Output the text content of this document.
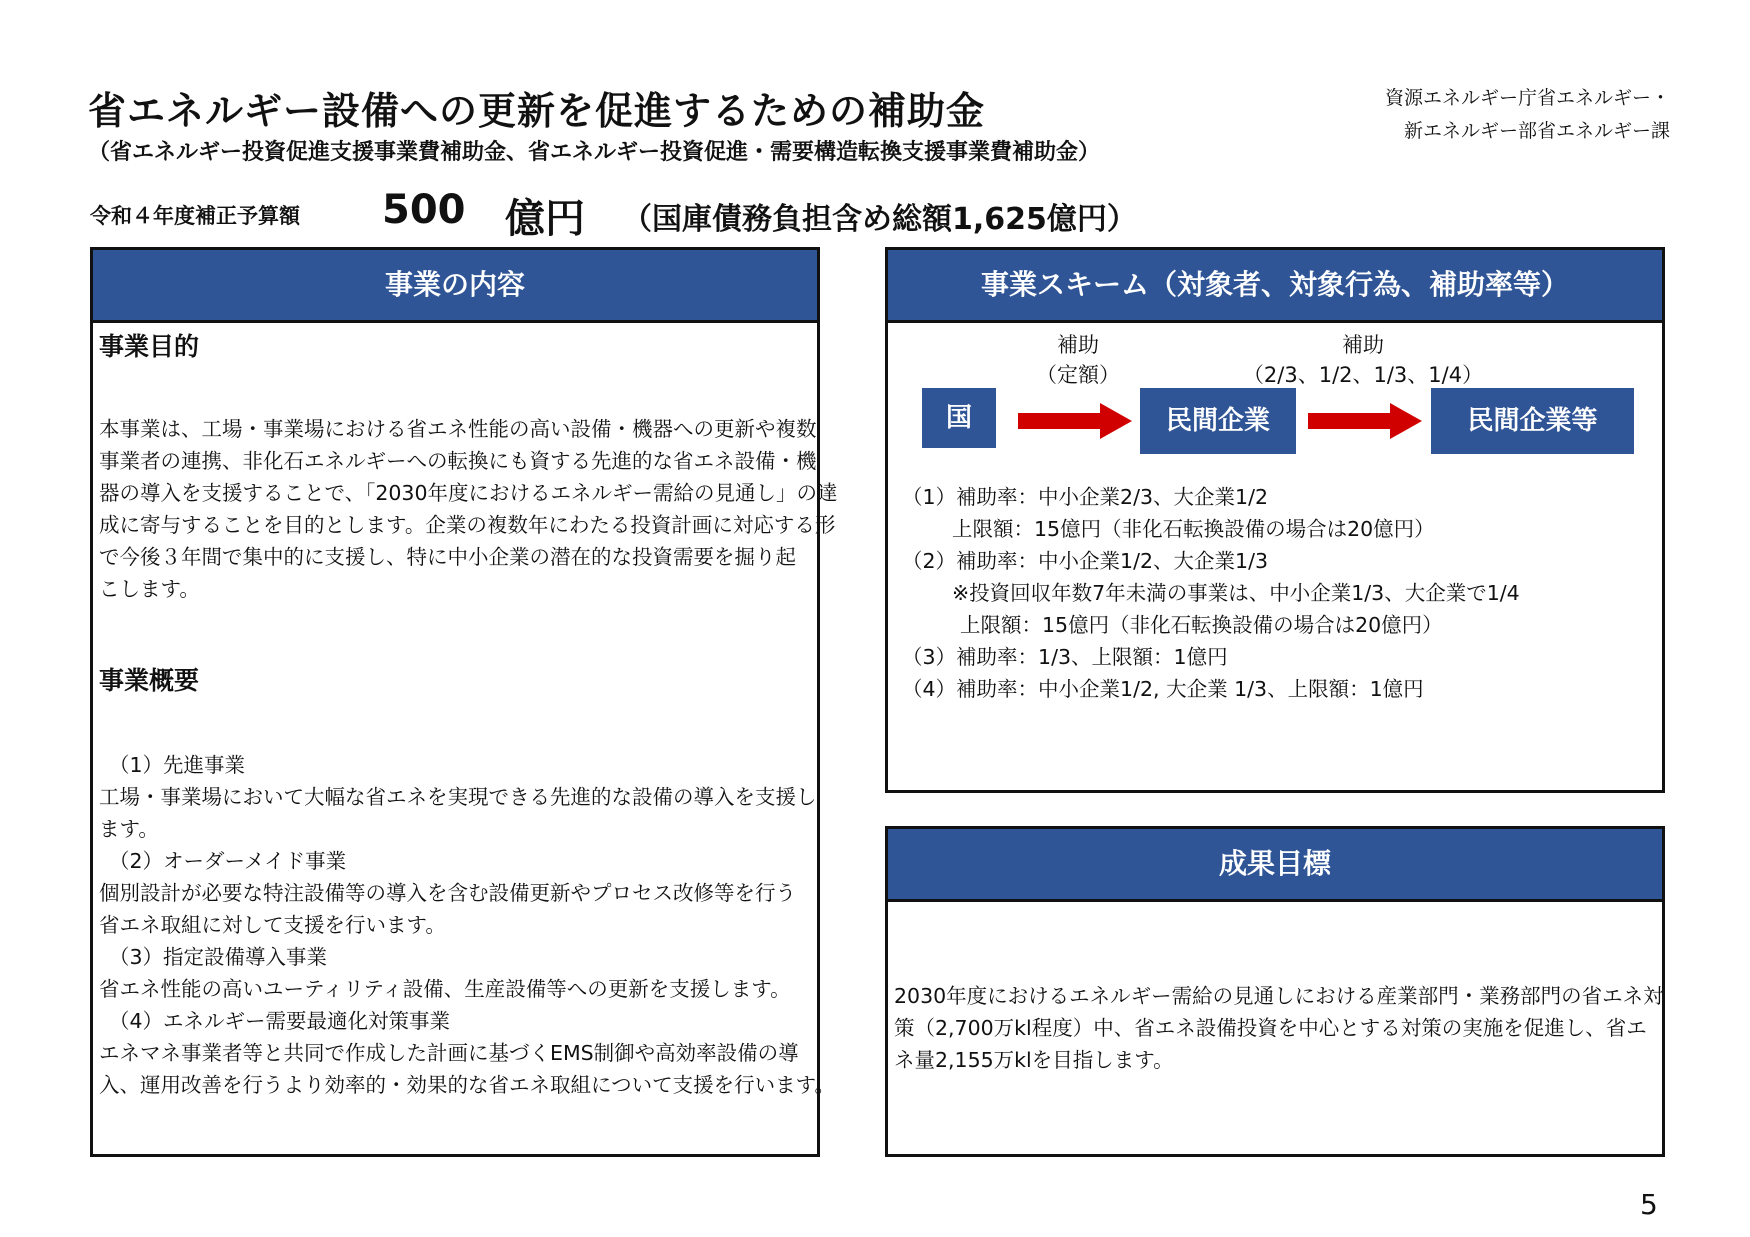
省エネルギー設備への更新を促進するための補助金
（省エネルギー投資促進支援事業費補助金、省エネルギー投資促進・需要構造転換支援事業費補助金）
資源エネルギー庁省エネルギー・
新エネルギー部省エネルギー課
令和４年度補正予算額 500 億円 （国庫債務負担含め総額1,625億円）
事業の内容
事業目的
本事業は、工場・事業場における省エネ性能の高い設備・機器への更新や複数
事業者の連携、非化石エネルギーへの転換にも資する先進的な省エネ設備・機
器の導入を支援することで、「2030年度におけるエネルギー需給の見通し」の達
成に寄与することを目的とします。企業の複数年にわたる投資計画に対応する形
で今後３年間で集中的に支援し、特に中小企業の潜在的な投資需要を掘り起
こします。
事業概要
（1）先進事業
工場・事業場において大幅な省エネを実現できる先進的な設備の導入を支援し
ます。
（2）オーダーメイド事業
個別設計が必要な特注設備等の導入を含む設備更新やプロセス改修等を行う
省エネ取組に対して支援を行います。
（3）指定設備導入事業
省エネ性能の高いユーティリティ設備、生産設備等への更新を支援します。
（4）エネルギー需要最適化対策事業
エネマネ事業者等と共同で作成した計画に基づくEMS制御や高効率設備の導
入、運用改善を行うより効率的・効果的な省エネ取組について支援を行います。
事業スキーム（対象者、対象行為、補助率等）
補助
（定額）
補助
（2/3、1/2、1/3、1/4）
国	民間企業	民間企業等
（1）補助率：中小企業2/3、大企業1/2
上限額：15億円（非化石転換設備の場合は20億円）
（2）補助率：中小企業1/2、大企業1/3
※投資回収年数7年未満の事業は、中小企業1/3、大企業で1/4
上限額：15億円（非化石転換設備の場合は20億円）
（3）補助率：1/3、上限額：1億円
（4）補助率：中小企業1/2, 大企業 1/3、上限額：1億円
成果目標
2030年度におけるエネルギー需給の見通しにおける産業部門・業務部門の省エネ対
策（2,700万kl程度）中、省エネ設備投資を中心とする対策の実施を促進し、省エ
ネ量2,155万klを目指します。
5
